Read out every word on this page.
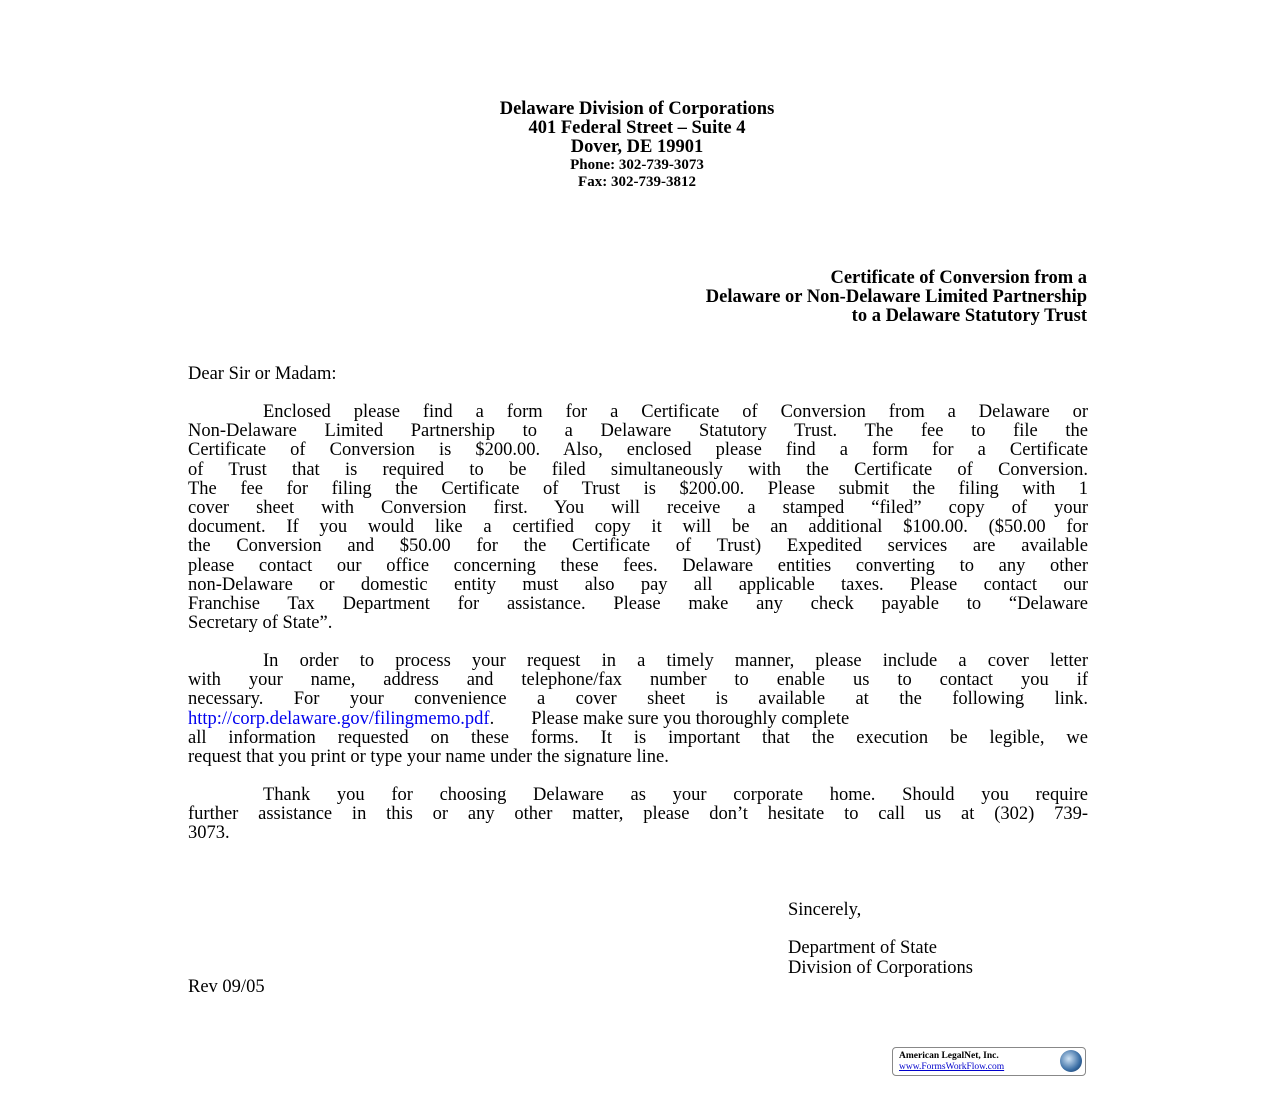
Delaware Division of Corporations
401 Federal Street – Suite 4
Dover, DE 19901
Phone: 302-739-3073
Fax: 302-739-3812
Certificate of Conversion from a
Delaware or Non-Delaware Limited Partnership
to a Delaware Statutory Trust
Dear Sir or Madam:
Enclosed please find a form for a Certificate of Conversion from a Delaware or
Non-Delaware Limited Partnership to a Delaware Statutory Trust. The fee to file the
Certificate of Conversion is $200.00. Also, enclosed please find a form for a Certificate
of Trust that is required to be filed simultaneously with the Certificate of Conversion.
The fee for filing the Certificate of Trust is $200.00. Please submit the filing with 1
cover sheet with Conversion first. You will receive a stamped “filed” copy of your
document. If you would like a certified copy it will be an additional $100.00. ($50.00 for
the Conversion and $50.00 for the Certificate of Trust) Expedited services are available
please contact our office concerning these fees. Delaware entities converting to any other
non-Delaware or domestic entity must also pay all applicable taxes. Please contact our
Franchise Tax Department for assistance. Please make any check payable to “Delaware
Secretary of State”.
In order to process your request in a timely manner, please include a cover letter
with your name, address and telephone/fax number to enable us to contact you if
necessary. For your convenience a cover sheet is available at the following link.
http://corp.delaware.gov/filingmemo.pdf.        Please make sure you thoroughly complete
all information requested on these forms. It is important that the execution be legible, we
request that you print or type your name under the signature line.
Thank you for choosing Delaware as your corporate home. Should you require
further assistance in this or any other matter, please don’t hesitate to call us at (302) 739-
3073.
Sincerely,
Department of State
Division of Corporations
Rev 09/05
American LegalNet, Inc.
www.FormsWorkFlow.com
